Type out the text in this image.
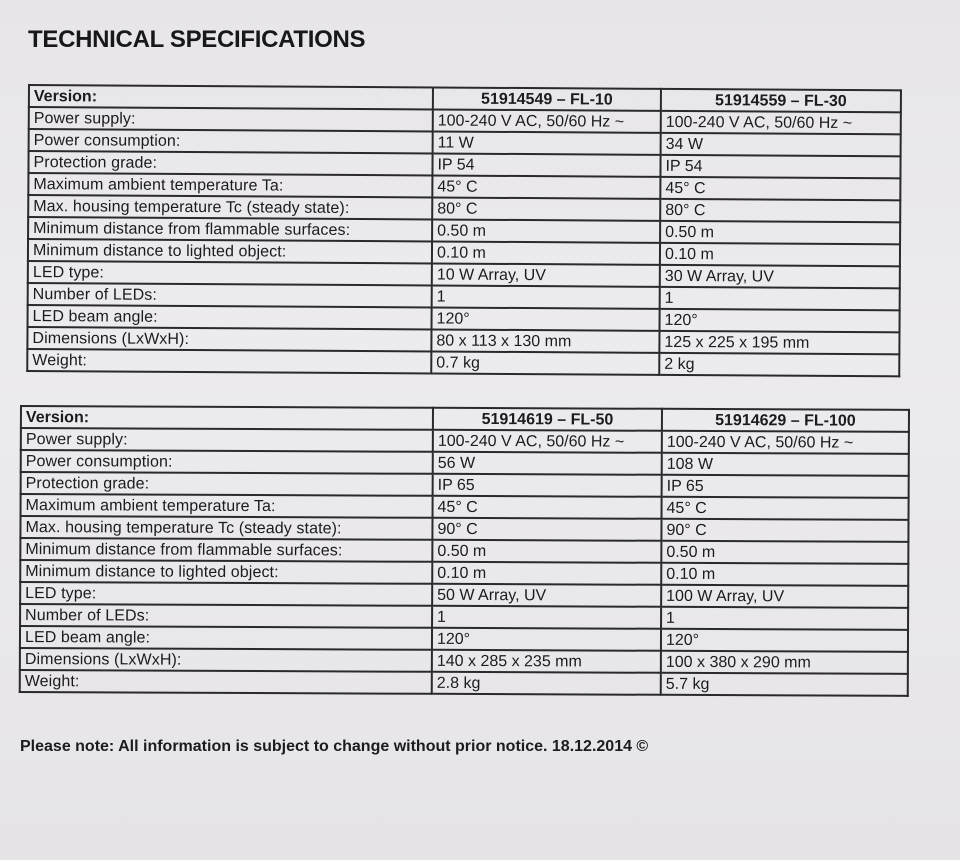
TECHNICAL SPECIFICATIONS
Version:	51914549 – FL-10	51914559 – FL-30
Power supply:	100-240 V AC, 50/60 Hz ~	100-240 V AC, 50/60 Hz ~
Power consumption:	11 W	34 W
Protection grade:	IP 54	IP 54
Maximum ambient temperature Ta:	45° C	45° C
Max. housing temperature Tc (steady state):	80° C	80° C
Minimum distance from flammable surfaces:	0.50 m	0.50 m
Minimum distance to lighted object:	0.10 m	0.10 m
LED type:	10 W Array, UV	30 W Array, UV
Number of LEDs:	1	1
LED beam angle:	120°	120°
Dimensions (LxWxH):	80 x 113 x 130 mm	125 x 225 x 195 mm
Weight:	0.7 kg	2 kg
Version:	51914619 – FL-50	51914629 – FL-100
Power supply:	100-240 V AC, 50/60 Hz ~	100-240 V AC, 50/60 Hz ~
Power consumption:	56 W	108 W
Protection grade:	IP 65	IP 65
Maximum ambient temperature Ta:	45° C	45° C
Max. housing temperature Tc (steady state):	90° C	90° C
Minimum distance from flammable surfaces:	0.50 m	0.50 m
Minimum distance to lighted object:	0.10 m	0.10 m
LED type:	50 W Array, UV	100 W Array, UV
Number of LEDs:	1	1
LED beam angle:	120°	120°
Dimensions (LxWxH):	140 x 285 x 235 mm	100 x 380 x 290 mm
Weight:	2.8 kg	5.7 kg
Please note: All information is subject to change without prior notice. 18.12.2014 ©
